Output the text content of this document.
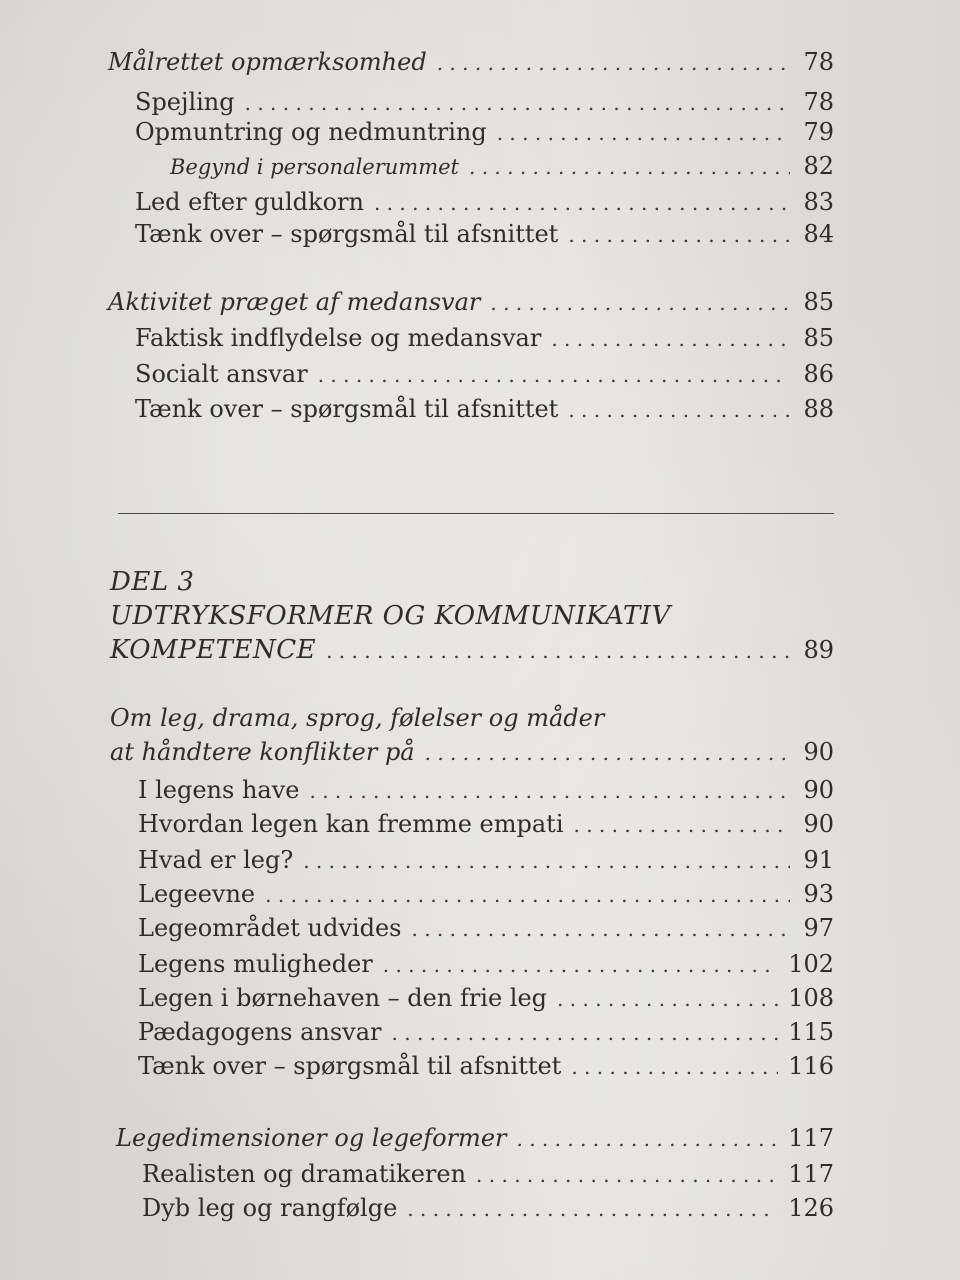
Målrettet opmærksomhed . . .	78
Spejling . . .	78
Opmuntring og nedmuntring . . .	79
Begynd i personalerummet . . .	82
Led efter guldkorn . . .	83
Tænk over – spørgsmål til afsnittet . . .	84
Aktivitet præget af medansvar . . .	85
Faktisk indflydelse og medansvar . . .	85
Socialt ansvar . . .	86
Tænk over – spørgsmål til afsnittet . . .	88
DEL 3
UDTRYKSFORMER OG KOMMUNIKATIV
KOMPETENCE . . .	89
Om leg, drama, sprog, følelser og måder
at håndtere konflikter på . . .	90
I legens have . . .	90
Hvordan legen kan fremme empati . . .	90
Hvad er leg? . . .	91
Legeevne . . .	93
Legeområdet udvides . . .	97
Legens muligheder . . .	102
Legen i børnehaven – den frie leg . . .	108
Pædagogens ansvar . . .	115
Tænk over – spørgsmål til afsnittet . . .	116
Legedimensioner og legeformer . . .	117
Realisten og dramatikeren . . .	117
Dyb leg og rangfølge . . .	126
